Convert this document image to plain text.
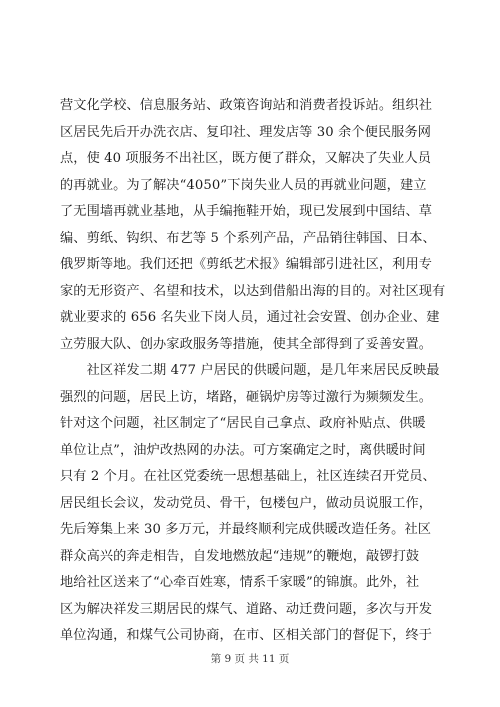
营文化学校、信息服务站、政策咨询站和消费者投诉站。组织社
区居民先后开办洗衣店、复印社、理发店等 30 余个便民服务网
点，使 40 项服务不出社区，既方便了群众，又解决了失业人员
的再就业。为了解决“4050”下岗失业人员的再就业问题，建立
了无围墙再就业基地，从手编拖鞋开始，现已发展到中国结、草
编、剪纸、钩织、布艺等 5 个系列产品，产品销往韩国、日本、
俄罗斯等地。我们还把《剪纸艺术报》编辑部引进社区，利用专
家的无形资产、名望和技术，以达到借船出海的目的。对社区现有
就业要求的 656 名失业下岗人员，通过社会安置、创办企业、建
立劳服大队、创办家政服务等措施，使其全部得到了妥善安置。
　　社区祥发二期 477 户居民的供暖问题，是几年来居民反映最
强烈的问题，居民上访，堵路，砸锅炉房等过激行为频频发生。
针对这个问题，社区制定了“居民自己拿点、政府补贴点、供暖
单位让点”，油炉改热网的办法。可方案确定之时，离供暖时间
只有 2 个月。在社区党委统一思想基础上，社区连续召开党员、
居民组长会议，发动党员、骨干，包楼包户，做动员说服工作，
先后筹集上来 30 多万元，并最终顺利完成供暖改造任务。社区
群众高兴的奔走相告，自发地燃放起“违规”的鞭炮，敲锣打鼓
地给社区送来了“心牵百姓寒，情系千家暖”的锦旗。此外，社
区为解决祥发三期居民的煤气、道路、动迁费问题，多次与开发
单位沟通，和煤气公司协商，在市、区相关部门的督促下，终于
第 9 页 共 11 页
